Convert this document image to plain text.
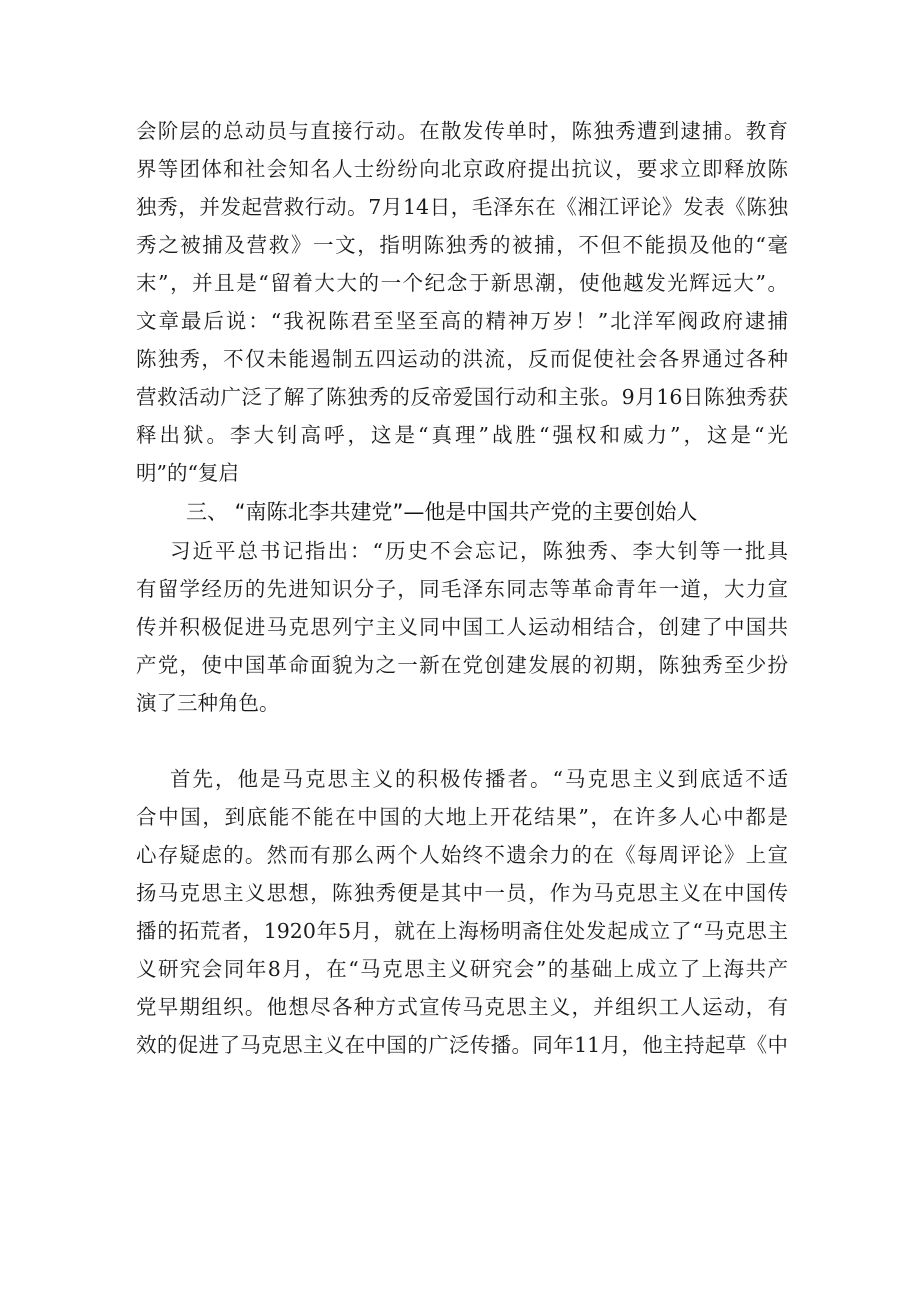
会阶层的总动员与直接行动。在散发传单时，陈独秀遭到逮捕。教育
界等团体和社会知名人士纷纷向北京政府提出抗议，要求立即释放陈
独秀，并发起营救行动。7月14日，毛泽东在《湘江评论》发表《陈独
秀之被捕及营救》一文，指明陈独秀的被捕，不但不能损及他的“毫
末”，并且是“留着大大的一个纪念于新思潮，使他越发光辉远大”。
文章最后说：“我祝陈君至坚至高的精神万岁！”北洋军阀政府逮捕
陈独秀，不仅未能遏制五四运动的洪流，反而促使社会各界通过各种
营救活动广泛了解了陈独秀的反帝爱国行动和主张。9月16日陈独秀获
释出狱。李大钊高呼，这是“真理”战胜“强权和威力”，这是“光
明”的“复启
三、 “南陈北李共建党”—他是中国共产党的主要创始人
习近平总书记指出：“历史不会忘记，陈独秀、李大钊等一批具
有留学经历的先进知识分子，同毛泽东同志等革命青年一道，大力宣
传并积极促进马克思列宁主义同中国工人运动相结合，创建了中国共
产党，使中国革命面貌为之一新在党创建发展的初期，陈独秀至少扮
演了三种角色。
首先，他是马克思主义的积极传播者。“马克思主义到底适不适
合中国，到底能不能在中国的大地上开花结果”，在许多人心中都是
心存疑虑的。然而有那么两个人始终不遗余力的在《每周评论》上宣
扬马克思主义思想，陈独秀便是其中一员，作为马克思主义在中国传
播的拓荒者，1920年5月，就在上海杨明斋住处发起成立了“马克思主
义研究会同年8月，在“马克思主义研究会”的基础上成立了上海共产
党早期组织。他想尽各种方式宣传马克思主义，并组织工人运动，有
效的促进了马克思主义在中国的广泛传播。同年11月，他主持起草《中
